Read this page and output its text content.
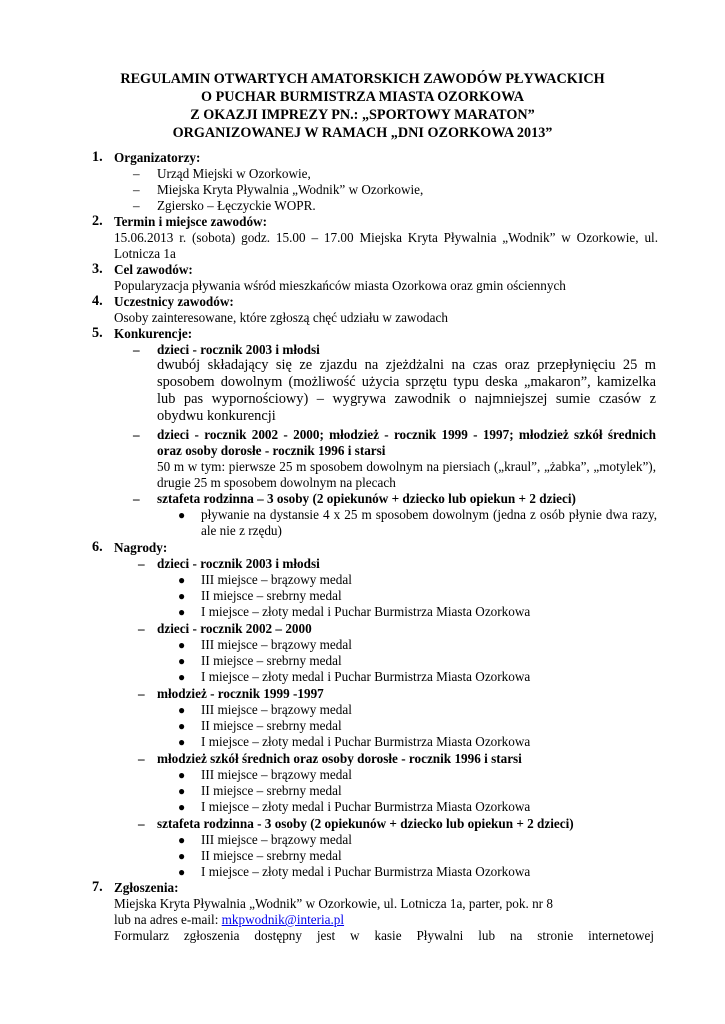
REGULAMIN OTWARTYCH AMATORSKICH ZAWODÓW PŁYWACKICH
O PUCHAR BURMISTRZA MIASTA OZORKOWA
Z OKAZJI IMPREZY PN.: „SPORTOWY MARATON”
ORGANIZOWANEJ W RAMACH „DNI OZORKOWA 2013”
1. Organizatorzy:
– Urząd Miejski w Ozorkowie,
– Miejska Kryta Pływalnia „Wodnik” w Ozorkowie,
– Zgiersko – Łęczyckie WOPR.
2. Termin i miejsce zawodów:
15.06.2013 r. (sobota) godz. 15.00 – 17.00 Miejska Kryta Pływalnia „Wodnik” w Ozorkowie, ul. Lotnicza 1a
3. Cel zawodów:
Popularyzacja pływania wśród mieszkańców miasta Ozorkowa oraz gmin ościennych
4. Uczestnicy zawodów:
Osoby zainteresowane, które zgłoszą chęć udziału w zawodach
5. Konkurencje:
– dzieci - rocznik 2003 i młodsi
dwubój składający się ze zjazdu na zjeżdżalni na czas oraz przepłynięciu 25 m sposobem dowolnym (możliwość użycia sprzętu typu deska „makaron”, kamizelka lub pas wypornościowy) – wygrywa zawodnik o najmniejszej sumie czasów z obydwu konkurencji
– dzieci - rocznik 2002 - 2000; młodzież - rocznik 1999 - 1997; młodzież szkół średnich oraz osoby dorosłe - rocznik 1996 i starsi
50 m w tym: pierwsze 25 m sposobem dowolnym na piersiach („kraul”, „żabka”, „motylek”), drugie 25 m sposobem dowolnym na plecach
– sztafeta rodzinna – 3 osoby (2 opiekunów + dziecko lub opiekun + 2 dzieci)
● pływanie na dystansie 4 x 25 m sposobem dowolnym (jedna z osób płynie dwa razy, ale nie z rzędu)
6. Nagrody:
– dzieci - rocznik 2003 i młodsi
● III miejsce – brązowy medal
● II miejsce – srebrny medal
● I miejsce – złoty medal i Puchar Burmistrza Miasta Ozorkowa
– dzieci - rocznik 2002 – 2000
● III miejsce – brązowy medal
● II miejsce – srebrny medal
● I miejsce – złoty medal i Puchar Burmistrza Miasta Ozorkowa
– młodzież - rocznik 1999 -1997
● III miejsce – brązowy medal
● II miejsce – srebrny medal
● I miejsce – złoty medal i Puchar Burmistrza Miasta Ozorkowa
– młodzież szkół średnich oraz osoby dorosłe - rocznik 1996 i starsi
● III miejsce – brązowy medal
● II miejsce – srebrny medal
● I miejsce – złoty medal i Puchar Burmistrza Miasta Ozorkowa
– sztafeta rodzinna - 3 osoby (2 opiekunów + dziecko lub opiekun + 2 dzieci)
● III miejsce – brązowy medal
● II miejsce – srebrny medal
● I miejsce – złoty medal i Puchar Burmistrza Miasta Ozorkowa
7. Zgłoszenia:
Miejska Kryta Pływalnia „Wodnik” w Ozorkowie, ul. Lotnicza 1a, parter, pok. nr 8
lub na adres e-mail: mkpwodnik@interia.pl
Formularz zgłoszenia dostępny jest w kasie Pływalni lub na stronie internetowej
